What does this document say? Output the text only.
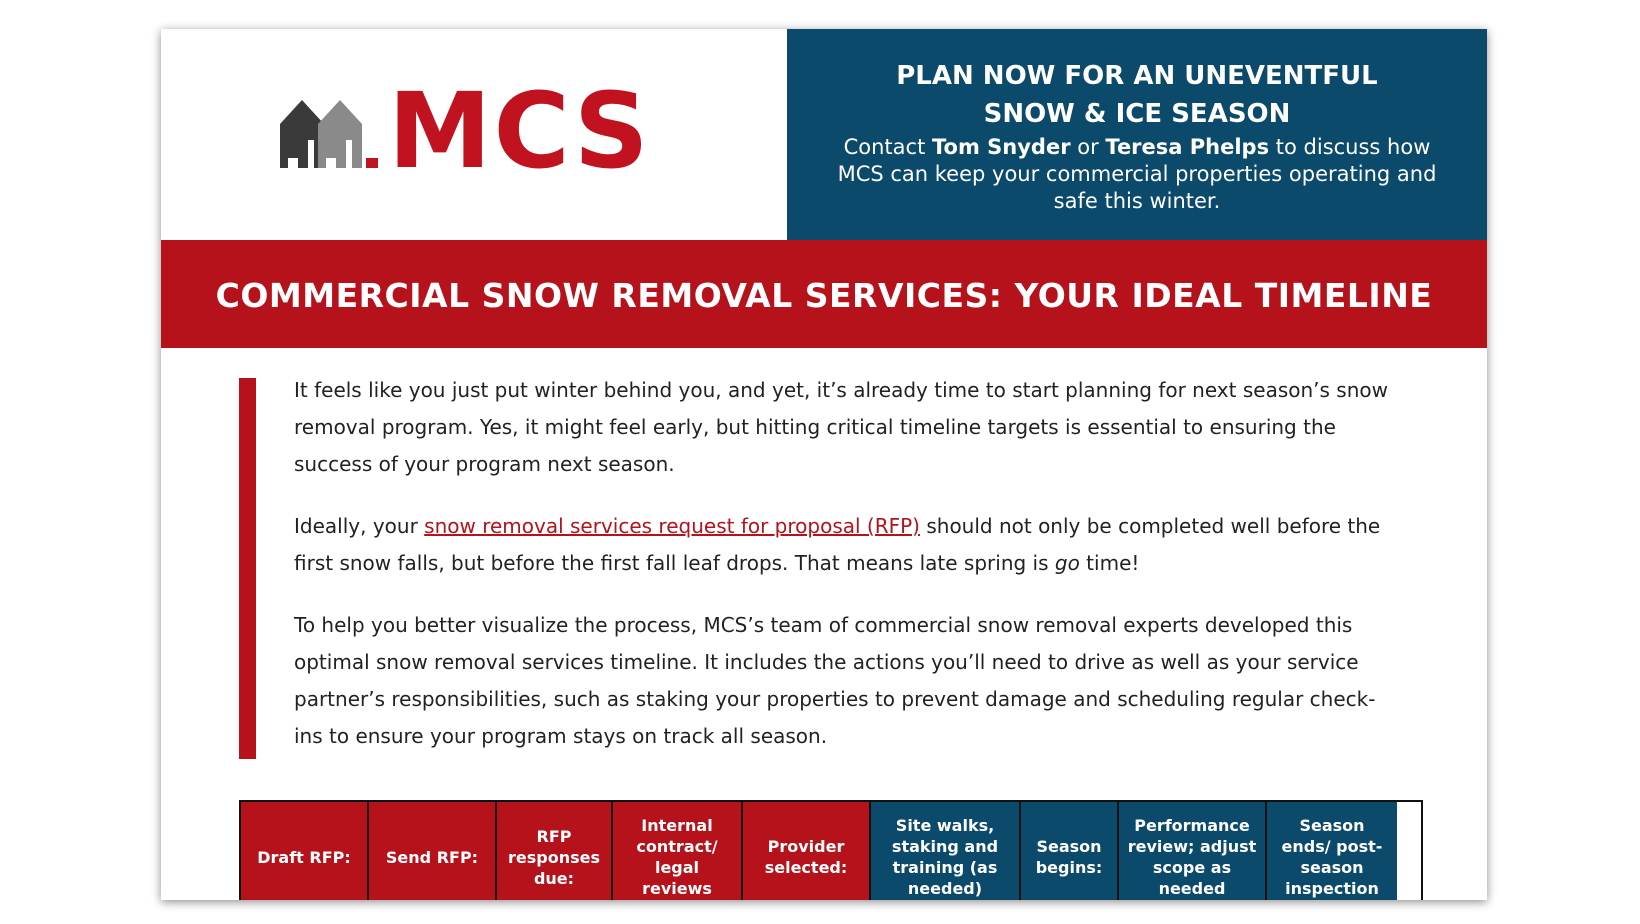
MCS	PLAN NOW FOR AN UNEVENTFUL SNOW & ICE SEASON
Contact Tom Snyder or Teresa Phelps to discuss how MCS can keep your commercial properties operating and safe this winter.
COMMERCIAL SNOW REMOVAL SERVICES: YOUR IDEAL TIMELINE

It feels like you just put winter behind you, and yet, it’s already time to start planning for next season’s snow removal program. Yes, it might feel early, but hitting critical timeline targets is essential to ensuring the success of your program next season.

Ideally, your snow removal services request for proposal (RFP) should not only be completed well before the first snow falls, but before the first fall leaf drops. That means late spring is go time!

To help you better visualize the process, MCS’s team of commercial snow removal experts developed this optimal snow removal services timeline. It includes the actions you’ll need to drive as well as your service partner’s responsibilities, such as staking your properties to prevent damage and scheduling regular check-ins to ensure your program stays on track all season.

Draft RFP:	Send RFP:
RFP responses due:
Internal contract/ legal reviews
Provider selected:
Site walks, staking and training (as needed)
Season begins:
Performance review; adjust scope as needed
Season ends/ post-season inspection
